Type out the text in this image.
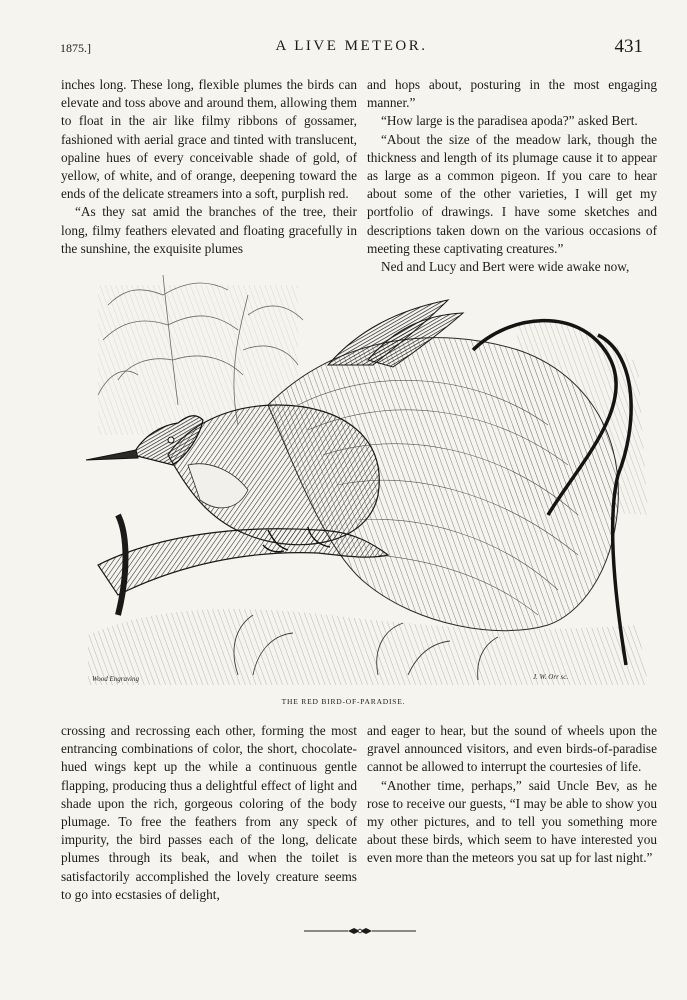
1875.]	A LIVE METEOR.	431

inches long. These long, flexible plumes the birds can elevate and toss above and around them, allowing them to float in the air like filmy ribbons of gossamer, fashioned with aerial grace and tinted with translucent, opaline hues of every conceivable shade of gold, of yellow, of white, and of orange, deepening toward the ends of the delicate streamers into a soft, purplish red.

“As they sat amid the branches of the tree, their long, filmy feathers elevated and floating gracefully in the sunshine, the exquisite plumes

and hops about, posturing in the most engaging manner.”

“How large is the paradisea apoda?” asked Bert.

“About the size of the meadow lark, though the thickness and length of its plumage cause it to appear as large as a common pigeon. If you care to hear about some of the other varieties, I will get my portfolio of drawings. I have some sketches and descriptions taken down on the various occasions of meeting these captivating creatures.”

Ned and Lucy and Bert were wide awake now,

Wood Engraving	J. W. Orr sc.
THE RED BIRD-OF-PARADISE.

crossing and recrossing each other, forming the most entrancing combinations of color, the short, chocolate-hued wings kept up the while a continuous gentle flapping, producing thus a delightful effect of light and shade upon the rich, gorgeous coloring of the body plumage. To free the feathers from any speck of impurity, the bird passes each of the long, delicate plumes through its beak, and when the toilet is satisfactorily accomplished the lovely creature seems to go into ecstasies of delight,

and eager to hear, but the sound of wheels upon the gravel announced visitors, and even birds-of-paradise cannot be allowed to interrupt the courtesies of life.

“Another time, perhaps,” said Uncle Bev, as he rose to receive our guests, “I may be able to show you my other pictures, and to tell you something more about these birds, which seem to have interested you even more than the meteors you sat up for last night.”
